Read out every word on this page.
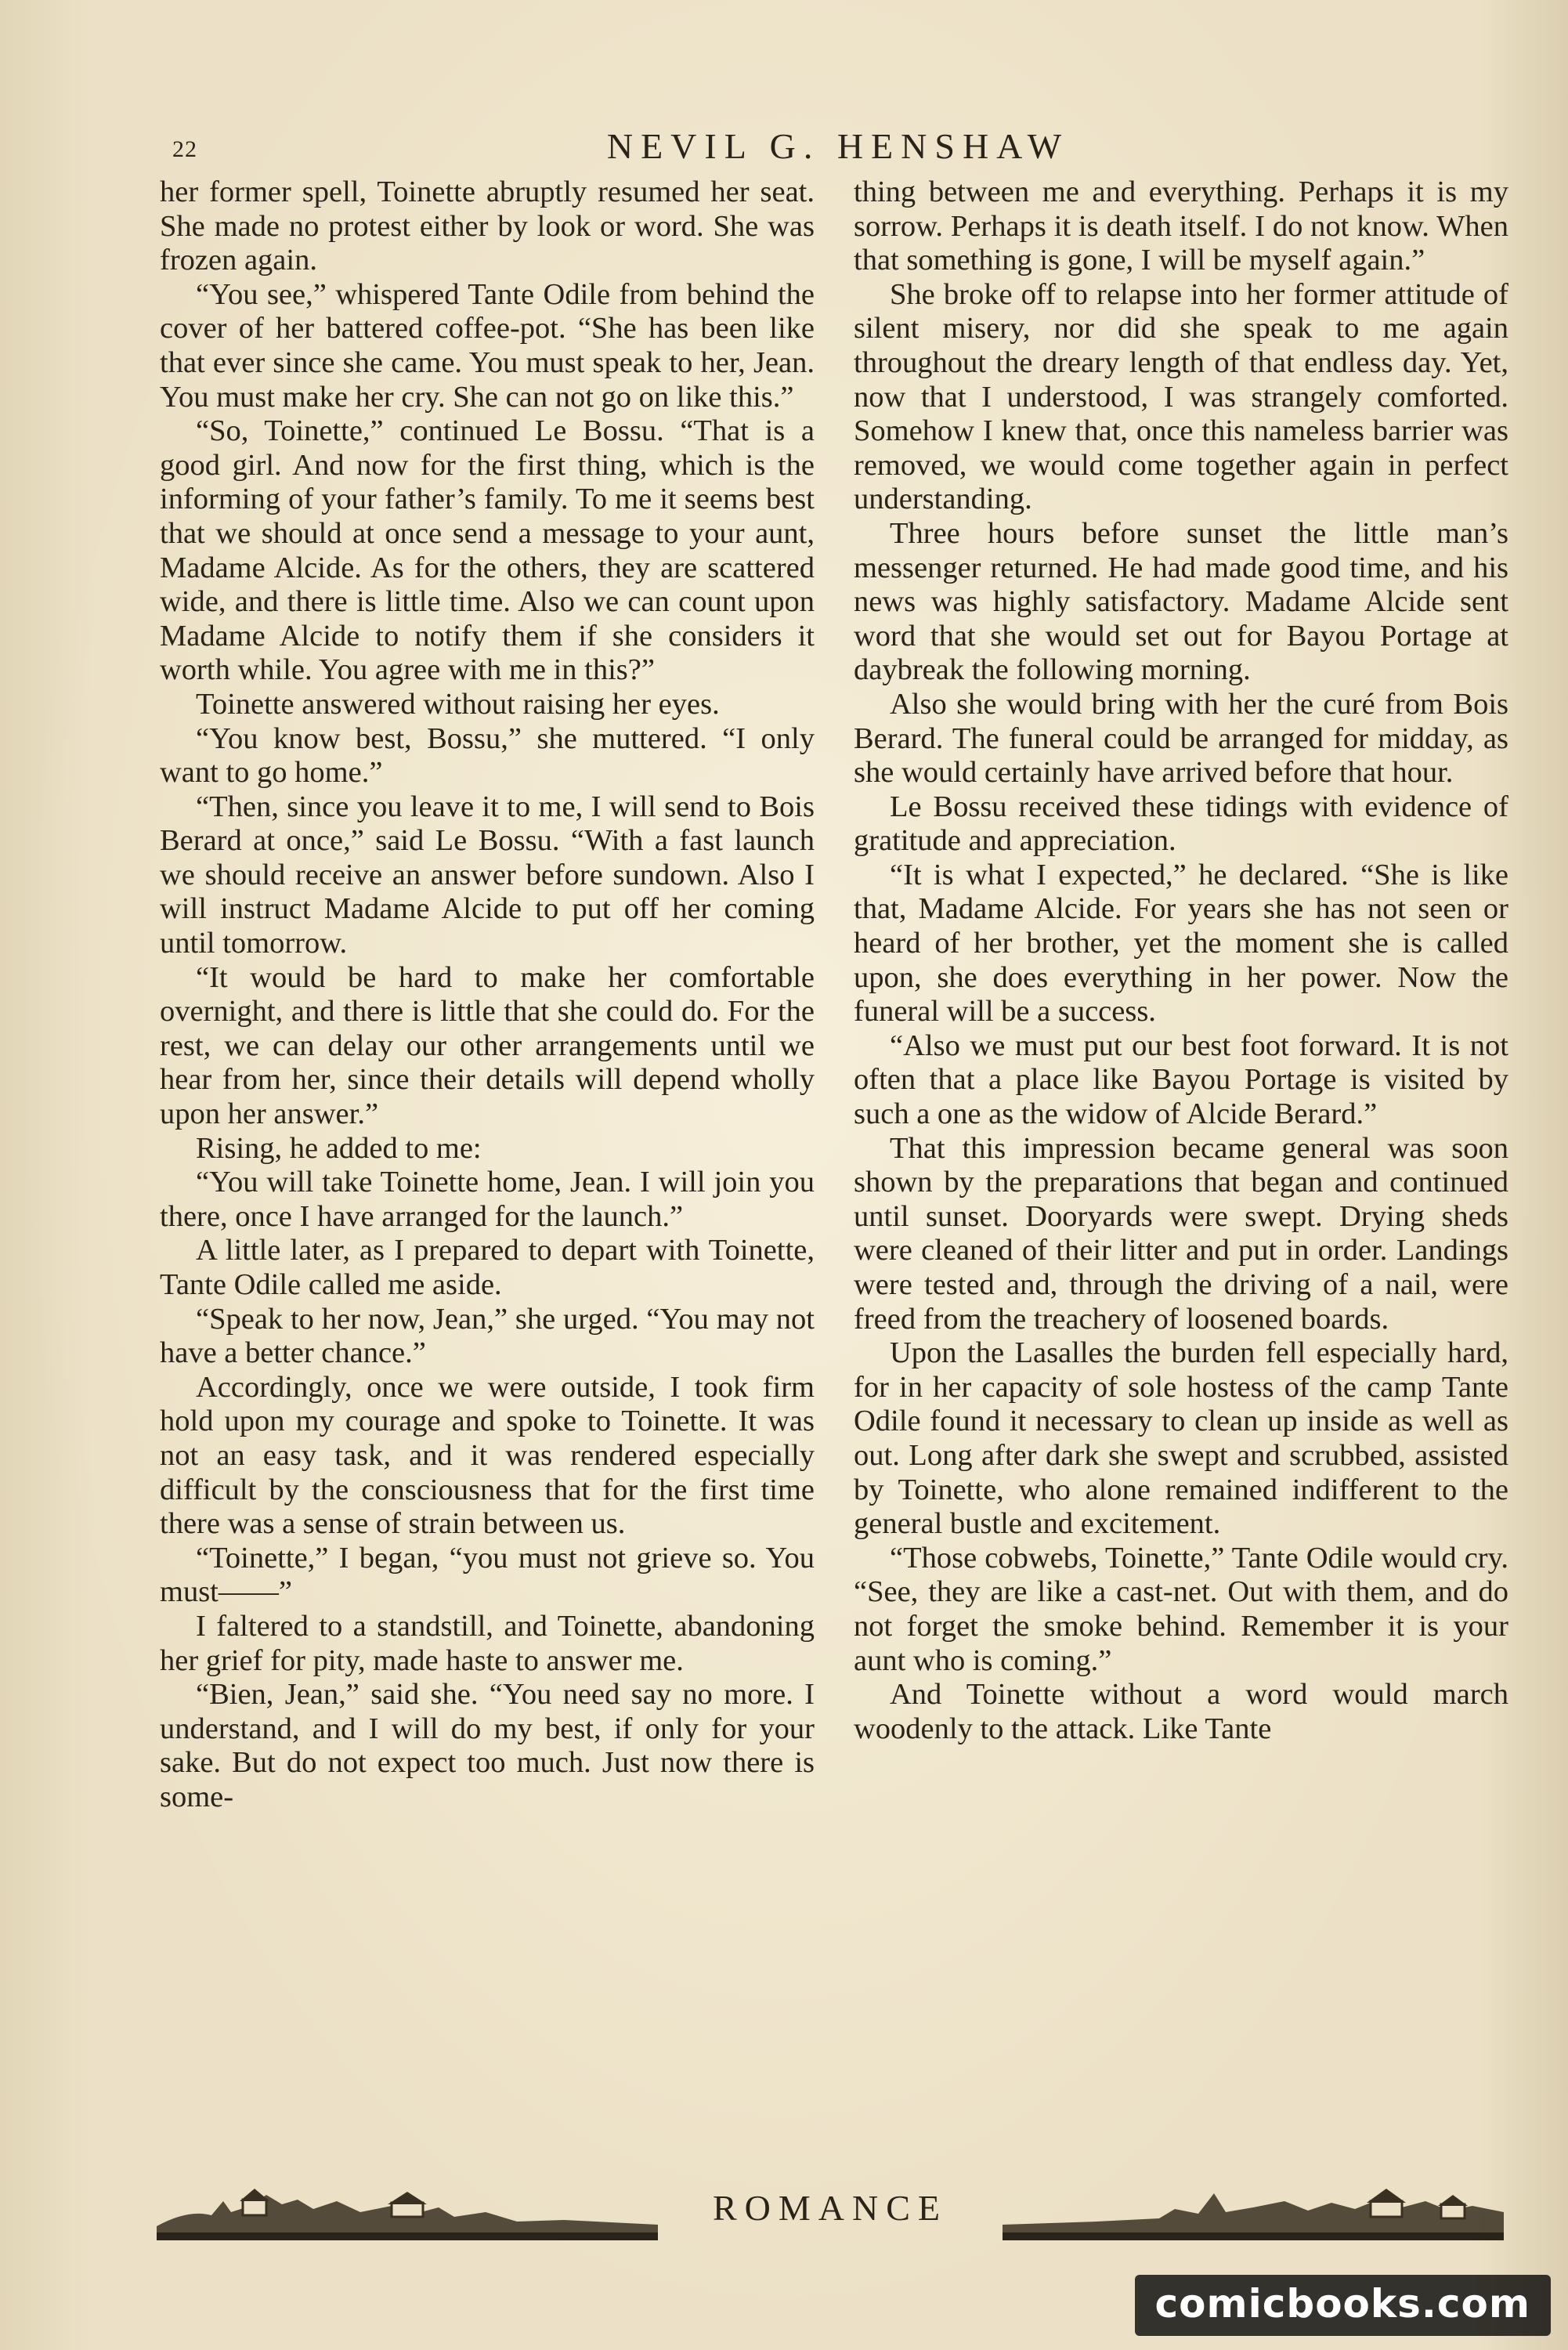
22	NEVIL G. HENSHAW

her former spell, Toinette abruptly resumed her seat. She made no protest either by look or word. She was frozen again.

“You see,” whispered Tante Odile from behind the cover of her battered coffee-pot. “She has been like that ever since she came. You must speak to her, Jean. You must make her cry. She can not go on like this.”

“So, Toinette,” continued Le Bossu. “That is a good girl. And now for the first thing, which is the informing of your father’s family. To me it seems best that we should at once send a message to your aunt, Madame Alcide. As for the others, they are scattered wide, and there is little time. Also we can count upon Madame Alcide to notify them if she considers it worth while. You agree with me in this?”

Toinette answered without raising her eyes.

“You know best, Bossu,” she muttered. “I only want to go home.”

“Then, since you leave it to me, I will send to Bois Berard at once,” said Le Bossu. “With a fast launch we should receive an answer before sundown. Also I will instruct Madame Alcide to put off her coming until tomorrow.

“It would be hard to make her comfortable overnight, and there is little that she could do. For the rest, we can delay our other arrangements until we hear from her, since their details will depend wholly upon her answer.”

Rising, he added to me:

“You will take Toinette home, Jean. I will join you there, once I have arranged for the launch.”

A little later, as I prepared to depart with Toinette, Tante Odile called me aside.

“Speak to her now, Jean,” she urged. “You may not have a better chance.”

Accordingly, once we were outside, I took firm hold upon my courage and spoke to Toinette. It was not an easy task, and it was rendered especially difficult by the consciousness that for the first time there was a sense of strain between us.

“Toinette,” I began, “you must not grieve so. You must——”

I faltered to a standstill, and Toinette, abandoning her grief for pity, made haste to answer me.

“Bien, Jean,” said she. “You need say no more. I understand, and I will do my best, if only for your sake. But do not expect too much. Just now there is some-

thing between me and everything. Perhaps it is my sorrow. Perhaps it is death itself. I do not know. When that something is gone, I will be myself again.”

She broke off to relapse into her former attitude of silent misery, nor did she speak to me again throughout the dreary length of that endless day. Yet, now that I understood, I was strangely comforted. Somehow I knew that, once this nameless barrier was removed, we would come together again in perfect understanding.

Three hours before sunset the little man’s messenger returned. He had made good time, and his news was highly satisfactory. Madame Alcide sent word that she would set out for Bayou Portage at daybreak the following morning.

Also she would bring with her the curé from Bois Berard. The funeral could be arranged for midday, as she would certainly have arrived before that hour.

Le Bossu received these tidings with evidence of gratitude and appreciation.

“It is what I expected,” he declared. “She is like that, Madame Alcide. For years she has not seen or heard of her brother, yet the moment she is called upon, she does everything in her power. Now the funeral will be a success.

“Also we must put our best foot forward. It is not often that a place like Bayou Portage is visited by such a one as the widow of Alcide Berard.”

That this impression became general was soon shown by the preparations that began and continued until sunset. Dooryards were swept. Drying sheds were cleaned of their litter and put in order. Landings were tested and, through the driving of a nail, were freed from the treachery of loosened boards.

Upon the Lasalles the burden fell especially hard, for in her capacity of sole hostess of the camp Tante Odile found it necessary to clean up inside as well as out. Long after dark she swept and scrubbed, assisted by Toinette, who alone remained indifferent to the general bustle and excitement.

“Those cobwebs, Toinette,” Tante Odile would cry. “See, they are like a cast-net. Out with them, and do not forget the smoke behind. Remember it is your aunt who is coming.”

And Toinette without a word would march woodenly to the attack. Like Tante

ROMANCE
comicbooks.com
